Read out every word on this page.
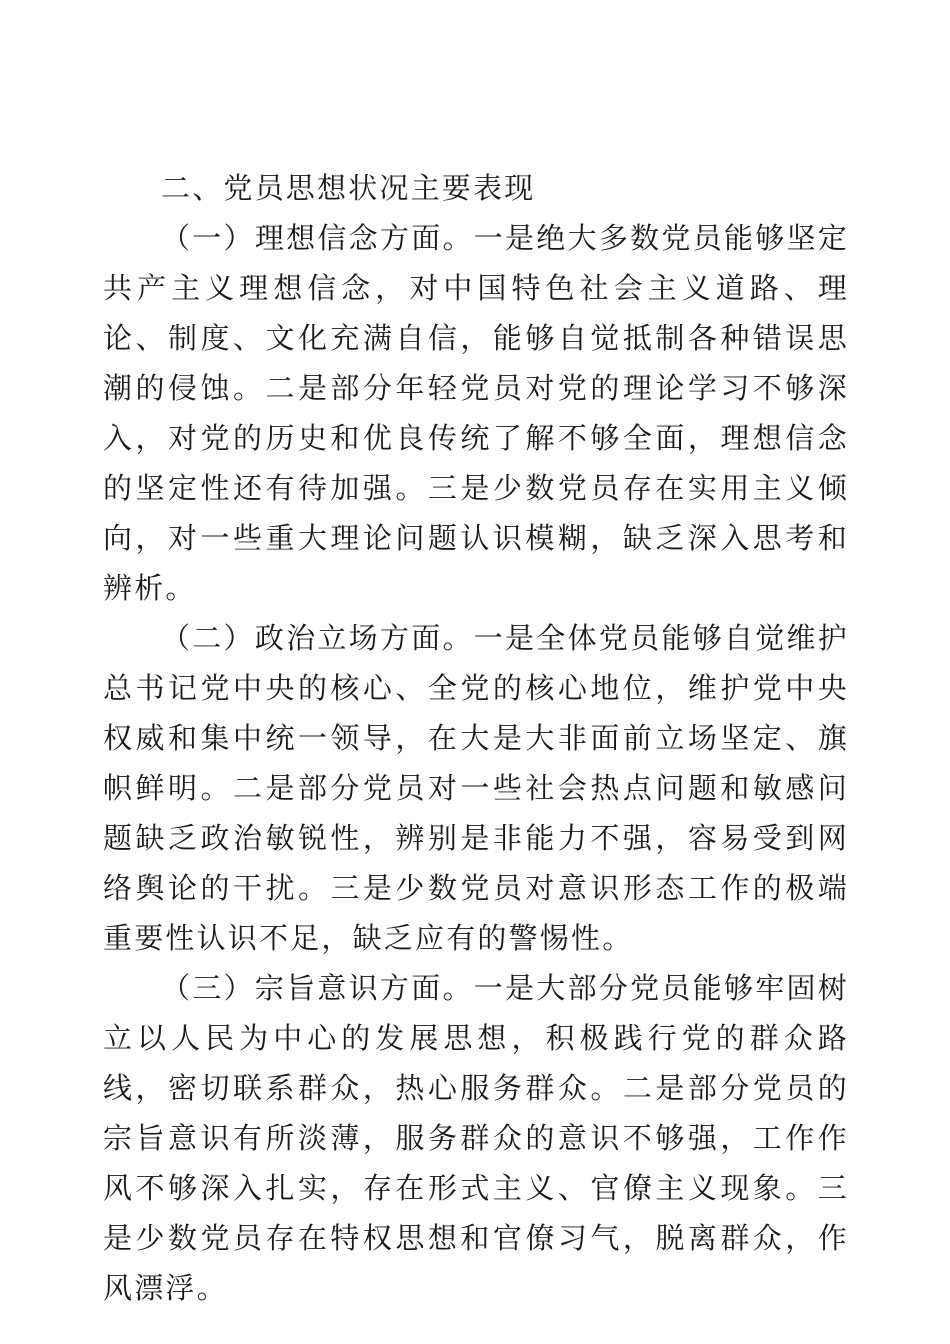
二、党员思想状况主要表现

（一）理想信念方面。一是绝大多数党员能够坚定共产主义理想信念，对中国特色社会主义道路、理论、制度、文化充满自信，能够自觉抵制各种错误思潮的侵蚀。二是部分年轻党员对党的理论学习不够深入，对党的历史和优良传统了解不够全面，理想信念的坚定性还有待加强。三是少数党员存在实用主义倾向，对一些重大理论问题认识模糊，缺乏深入思考和辨析。

（二）政治立场方面。一是全体党员能够自觉维护总书记党中央的核心、全党的核心地位，维护党中央权威和集中统一领导，在大是大非面前立场坚定、旗帜鲜明。二是部分党员对一些社会热点问题和敏感问题缺乏政治敏锐性，辨别是非能力不强，容易受到网络舆论的干扰。三是少数党员对意识形态工作的极端重要性认识不足，缺乏应有的警惕性。

（三）宗旨意识方面。一是大部分党员能够牢固树立以人民为中心的发展思想，积极践行党的群众路线，密切联系群众，热心服务群众。二是部分党员的宗旨意识有所淡薄，服务群众的意识不够强，工作作风不够深入扎实，存在形式主义、官僚主义现象。三是少数党员存在特权思想和官僚习气，脱离群众，作风漂浮。
